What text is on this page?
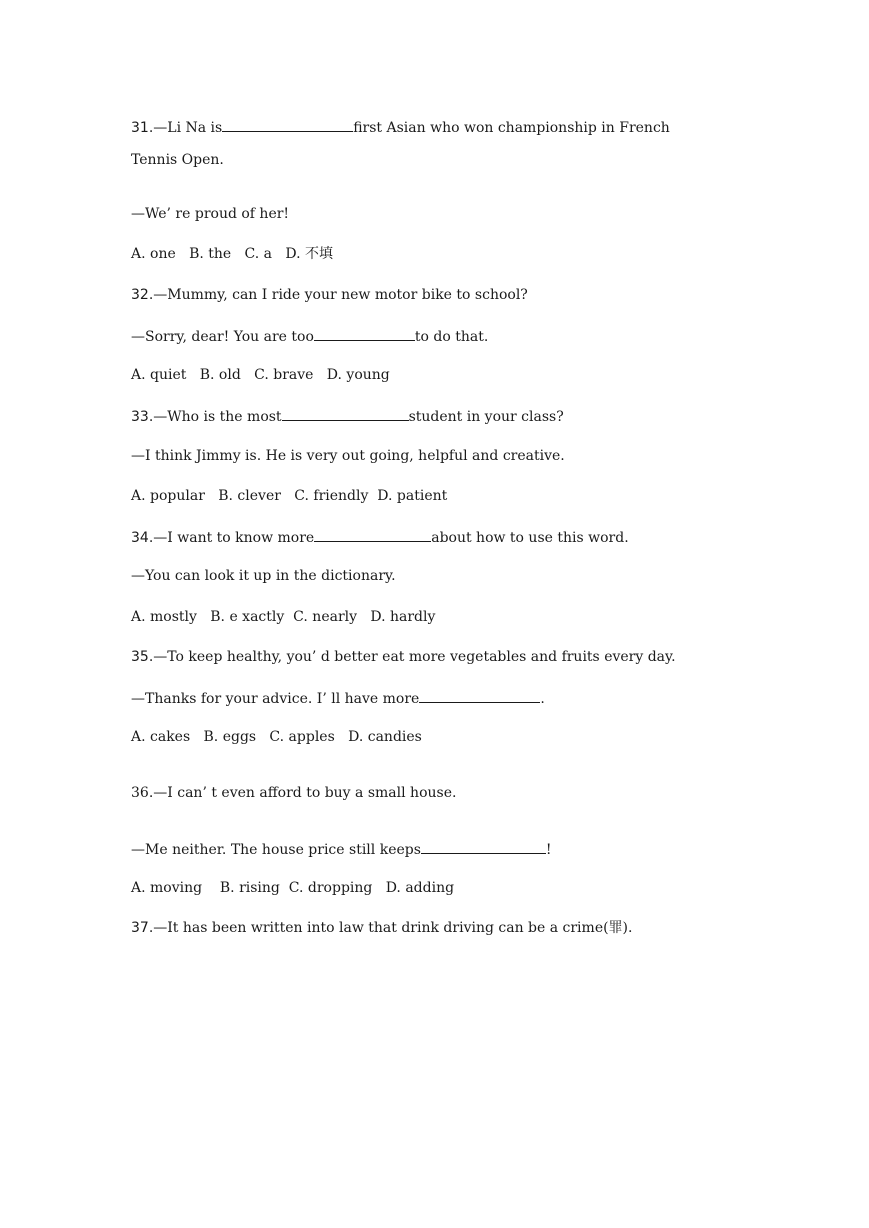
31.—Li Na is	first Asian who won championship in French
Tennis Open.
—We’ re proud of her!
A. one   B. the   C. a   D. 不填
32.—Mummy, can I ride your new motor bike to school?
—Sorry, dear! You are too	to do that.
A. quiet   B. old   C. brave   D. young
33.—Who is the most	student in your class?
—I think Jimmy is. He is very out going, helpful and creative.
A. popular   B. clever   C. friendly  D. patient
34.—I want to know more	about how to use this word.
—You can look it up in the dictionary.
A. mostly   B. e xactly  C. nearly   D. hardly
35.—To keep healthy, you’ d better eat more vegetables and fruits every day.
—Thanks for your advice. I’ ll have more	.
A. cakes   B. eggs   C. apples   D. candies
36.—I can’ t even afford to buy a small house.
—Me neither. The house price still keeps	!
A. moving    B. rising  C. dropping   D. adding
37.—It has been written into law that drink driving can be a crime(罪).
